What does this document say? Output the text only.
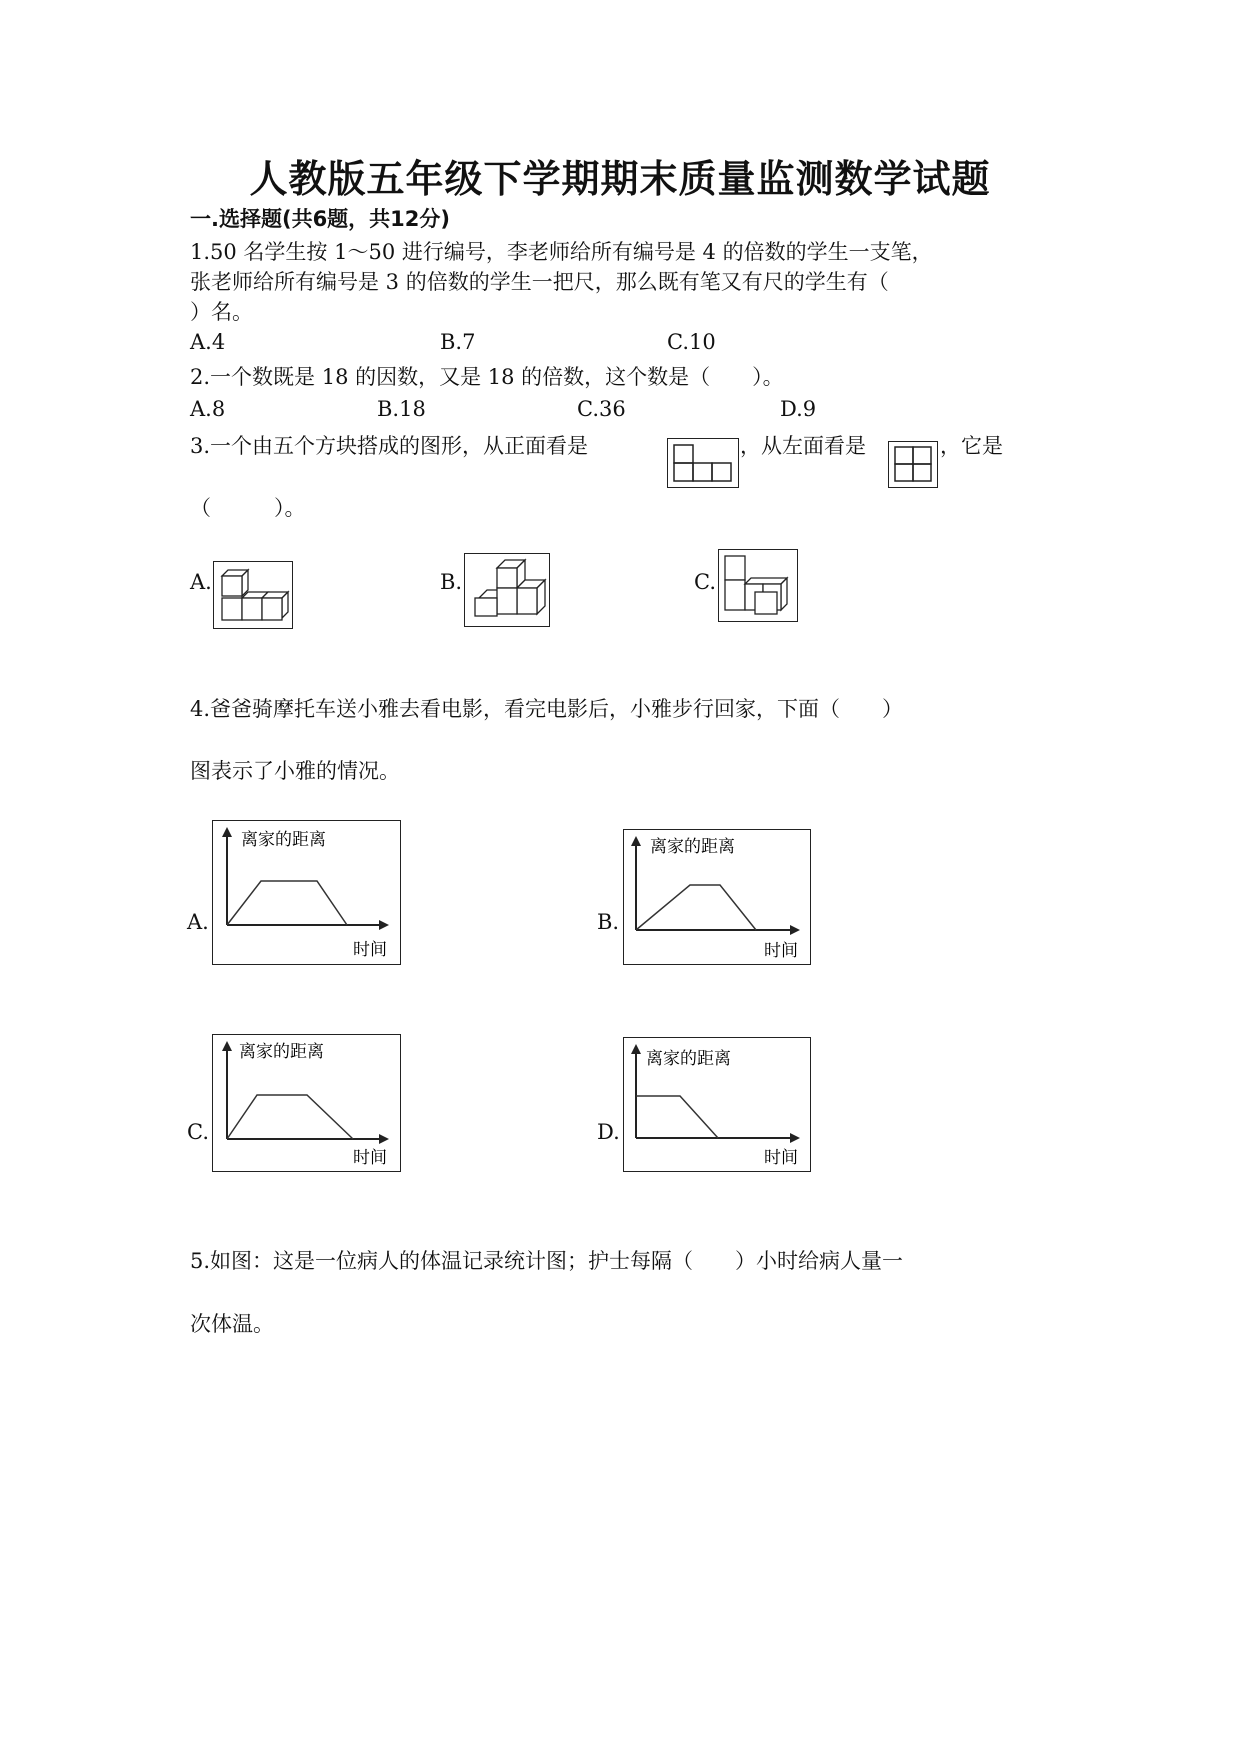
人教版五年级下学期期末质量监测数学试题
一.选择题(共6题，共12分)
1.50 名学生按 1～50 进行编号，李老师给所有编号是 4 的倍数的学生一支笔，
张老师给所有编号是 3 的倍数的学生一把尺，那么既有笔又有尺的学生有（
）名。
A.4	B.7	C.10
2.一个数既是 18 的因数，又是 18 的倍数，这个数是（　　）。
A.8	B.18	C.36	D.9
3.一个由五个方块搭成的图形，从正面看是	，从左面看是	，它是
（　　　）。
A.	B.	C.
4.爸爸骑摩托车送小雅去看电影，看完电影后，小雅步行回家，下面（　　）
图表示了小雅的情况。
A.
离家的距离
时间
B.
离家的距离
时间
C.
离家的距离
时间
D.
离家的距离
时间
5.如图：这是一位病人的体温记录统计图；护士每隔（　　）小时给病人量一
次体温。
